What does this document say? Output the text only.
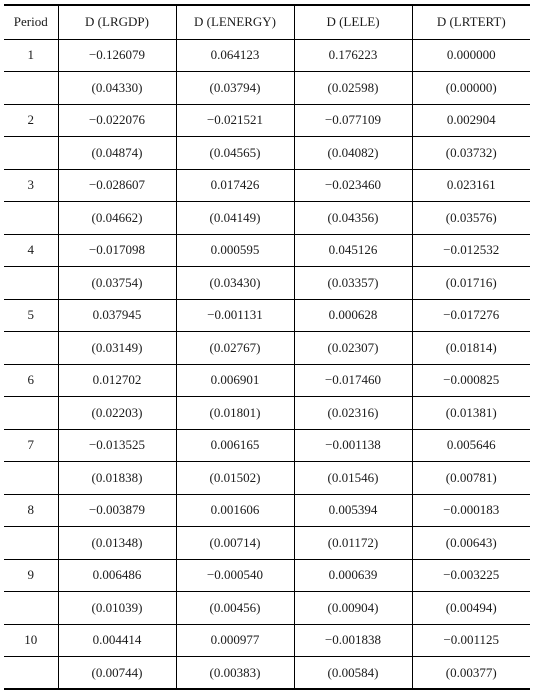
Period	D (LRGDP)	D (LENERGY)	D (LELE)	D (LRTERT)
1	−0.126079	0.064123	0.176223	0.000000
	(0.04330)	(0.03794)	(0.02598)	(0.00000)
2	−0.022076	−0.021521	−0.077109	0.002904
	(0.04874)	(0.04565)	(0.04082)	(0.03732)
3	−0.028607	0.017426	−0.023460	0.023161
	(0.04662)	(0.04149)	(0.04356)	(0.03576)
4	−0.017098	0.000595	0.045126	−0.012532
	(0.03754)	(0.03430)	(0.03357)	(0.01716)
5	0.037945	−0.001131	0.000628	−0.017276
	(0.03149)	(0.02767)	(0.02307)	(0.01814)
6	0.012702	0.006901	−0.017460	−0.000825
	(0.02203)	(0.01801)	(0.02316)	(0.01381)
7	−0.013525	0.006165	−0.001138	0.005646
	(0.01838)	(0.01502)	(0.01546)	(0.00781)
8	−0.003879	0.001606	0.005394	−0.000183
	(0.01348)	(0.00714)	(0.01172)	(0.00643)
9	0.006486	−0.000540	0.000639	−0.003225
	(0.01039)	(0.00456)	(0.00904)	(0.00494)
10	0.004414	0.000977	−0.001838	−0.001125
	(0.00744)	(0.00383)	(0.00584)	(0.00377)
